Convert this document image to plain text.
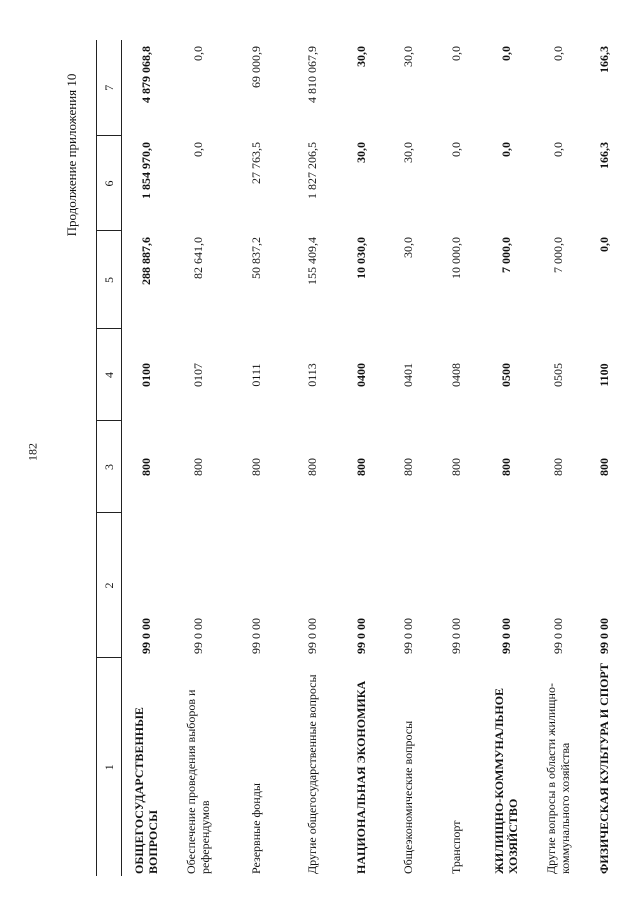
182
Продолжение приложения 10
1	2	3	4	5	6	7
ОБЩЕГОСУДАРСТВЕННЫЕ ВОПРОСЫ	99 0 00	800	0100	288 887,6	1 854 970,0	4 879 068,8
Обеспечение проведения выборов и референдумов	99 0 00	800	0107	82 641,0	0,0	0,0
Резервные фонды	99 0 00	800	0111	50 837,2	27 763,5	69 000,9
Другие общегосударственные вопросы	99 0 00	800	0113	155 409,4	1 827 206,5	4 810 067,9
НАЦИОНАЛЬНАЯ ЭКОНОМИКА	99 0 00	800	0400	10 030,0	30,0	30,0
Общеэкономические вопросы	99 0 00	800	0401	30,0	30,0	30,0
Транспорт	99 0 00	800	0408	10 000,0	0,0	0,0
ЖИЛИЩНО-КОММУНАЛЬНОЕ ХОЗЯЙСТВО	99 0 00	800	0500	7 000,0	0,0	0,0
Другие вопросы в области жилищно-коммунального хозяйства	99 0 00	800	0505	7 000,0	0,0	0,0
ФИЗИЧЕСКАЯ КУЛЬТУРА И СПОРТ	99 0 00	800	1100	0,0	166,3	166,3
